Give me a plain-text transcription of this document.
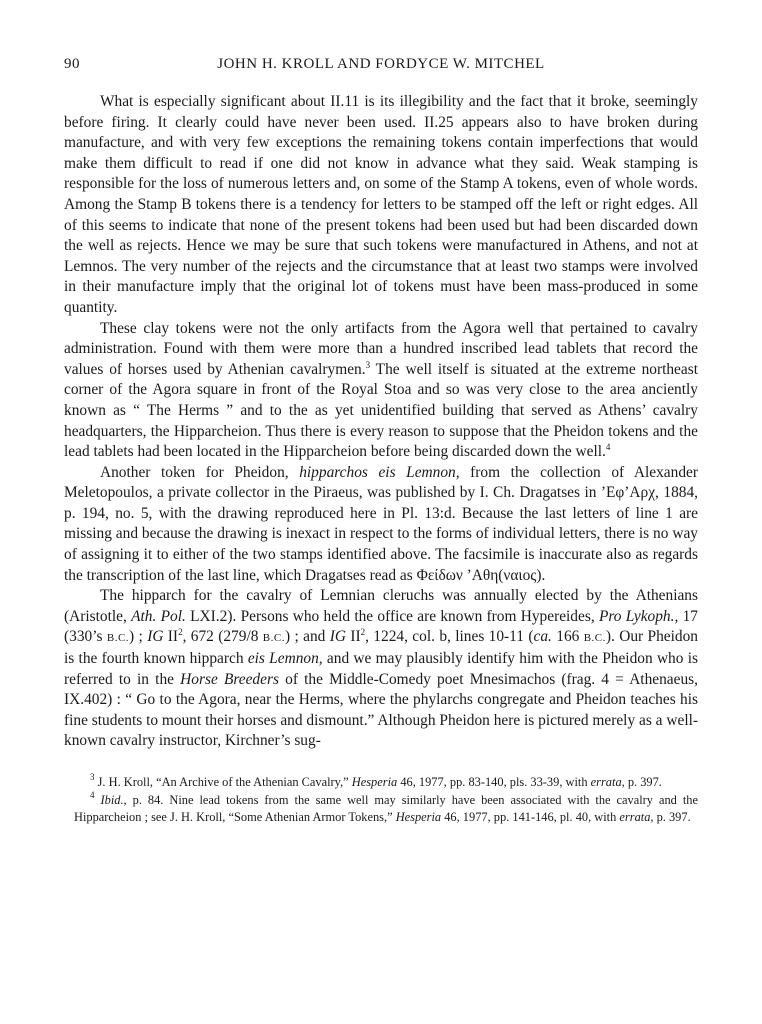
90	JOHN H. KROLL AND FORDYCE W. MITCHEL

What is especially significant about II.11 is its illegibility and the fact that it broke, seemingly before firing. It clearly could have never been used. II.25 appears also to have broken during manufacture, and with very few exceptions the remaining tokens contain imperfections that would make them difficult to read if one did not know in advance what they said. Weak stamping is responsible for the loss of numerous letters and, on some of the Stamp A tokens, even of whole words. Among the Stamp B tokens there is a tendency for letters to be stamped off the left or right edges. All of this seems to indicate that none of the present tokens had been used but had been discarded down the well as rejects. Hence we may be sure that such tokens were manufactured in Athens, and not at Lemnos. The very number of the rejects and the circumstance that at least two stamps were involved in their manufacture imply that the original lot of tokens must have been mass-produced in some quantity.

These clay tokens were not the only artifacts from the Agora well that pertained to cavalry administration. Found with them were more than a hundred inscribed lead tablets that record the values of horses used by Athenian cavalrymen.$^3$ The well itself is situated at the extreme northeast corner of the Agora square in front of the Royal Stoa and so was very close to the area anciently known as “ The Herms ” and to the as yet unidentified building that served as Athens’ cavalry headquarters, the Hipparcheion. Thus there is every reason to suppose that the Pheidon tokens and the lead tablets had been located in the Hipparcheion before being discarded down the well.$^4$

Another token for Pheidon, hipparchos eis Lemnon, from the collection of Alexander Meletopoulos, a private collector in the Piraeus, was published by I. Ch. Dragatses in ’Eφ’Aρχ, 1884, p. 194, no. 5, with the drawing reproduced here in Pl. 13:d. Because the last letters of line 1 are missing and because the drawing is inexact in respect to the forms of individual letters, there is no way of assigning it to either of the two stamps identified above. The facsimile is inaccurate also as regards the transcription of the last line, which Dragatses read as Φείδων ’Aθη(ναιος).

The hipparch for the cavalry of Lemnian cleruchs was annually elected by the Athenians (Aristotle, Ath. Pol. LXI.2). Persons who held the office are known from Hypereides, Pro Lykoph., 17 (330’s B.C.) ; IG $II^2$, 672 (279/8 B.C.) ; and IG $II^2$, 1224, col. b, lines 10-11 (ca. 166 B.C.). Our Pheidon is the fourth known hipparch eis Lemnon, and we may plausibly identify him with the Pheidon who is referred to in the Horse Breeders of the Middle-Comedy poet Mnesimachos (frag. 4 = Athenaeus, IX.402) : “ Go to the Agora, near the Herms, where the phylarchs congregate and Pheidon teaches his fine students to mount their horses and dismount.” Although Pheidon here is pictured merely as a well-known cavalry instructor, Kirchner’s sug-

$^3$ J. H. Kroll, “An Archive of the Athenian Cavalry,” Hesperia 46, 1977, pp. 83-140, pls. 33-39, with errata, p. 397.

$^4$ Ibid., p. 84. Nine lead tokens from the same well may similarly have been associated with the cavalry and the Hipparcheion ; see J. H. Kroll, “Some Athenian Armor Tokens,” Hesperia 46, 1977, pp. 141-146, pl. 40, with errata, p. 397.
